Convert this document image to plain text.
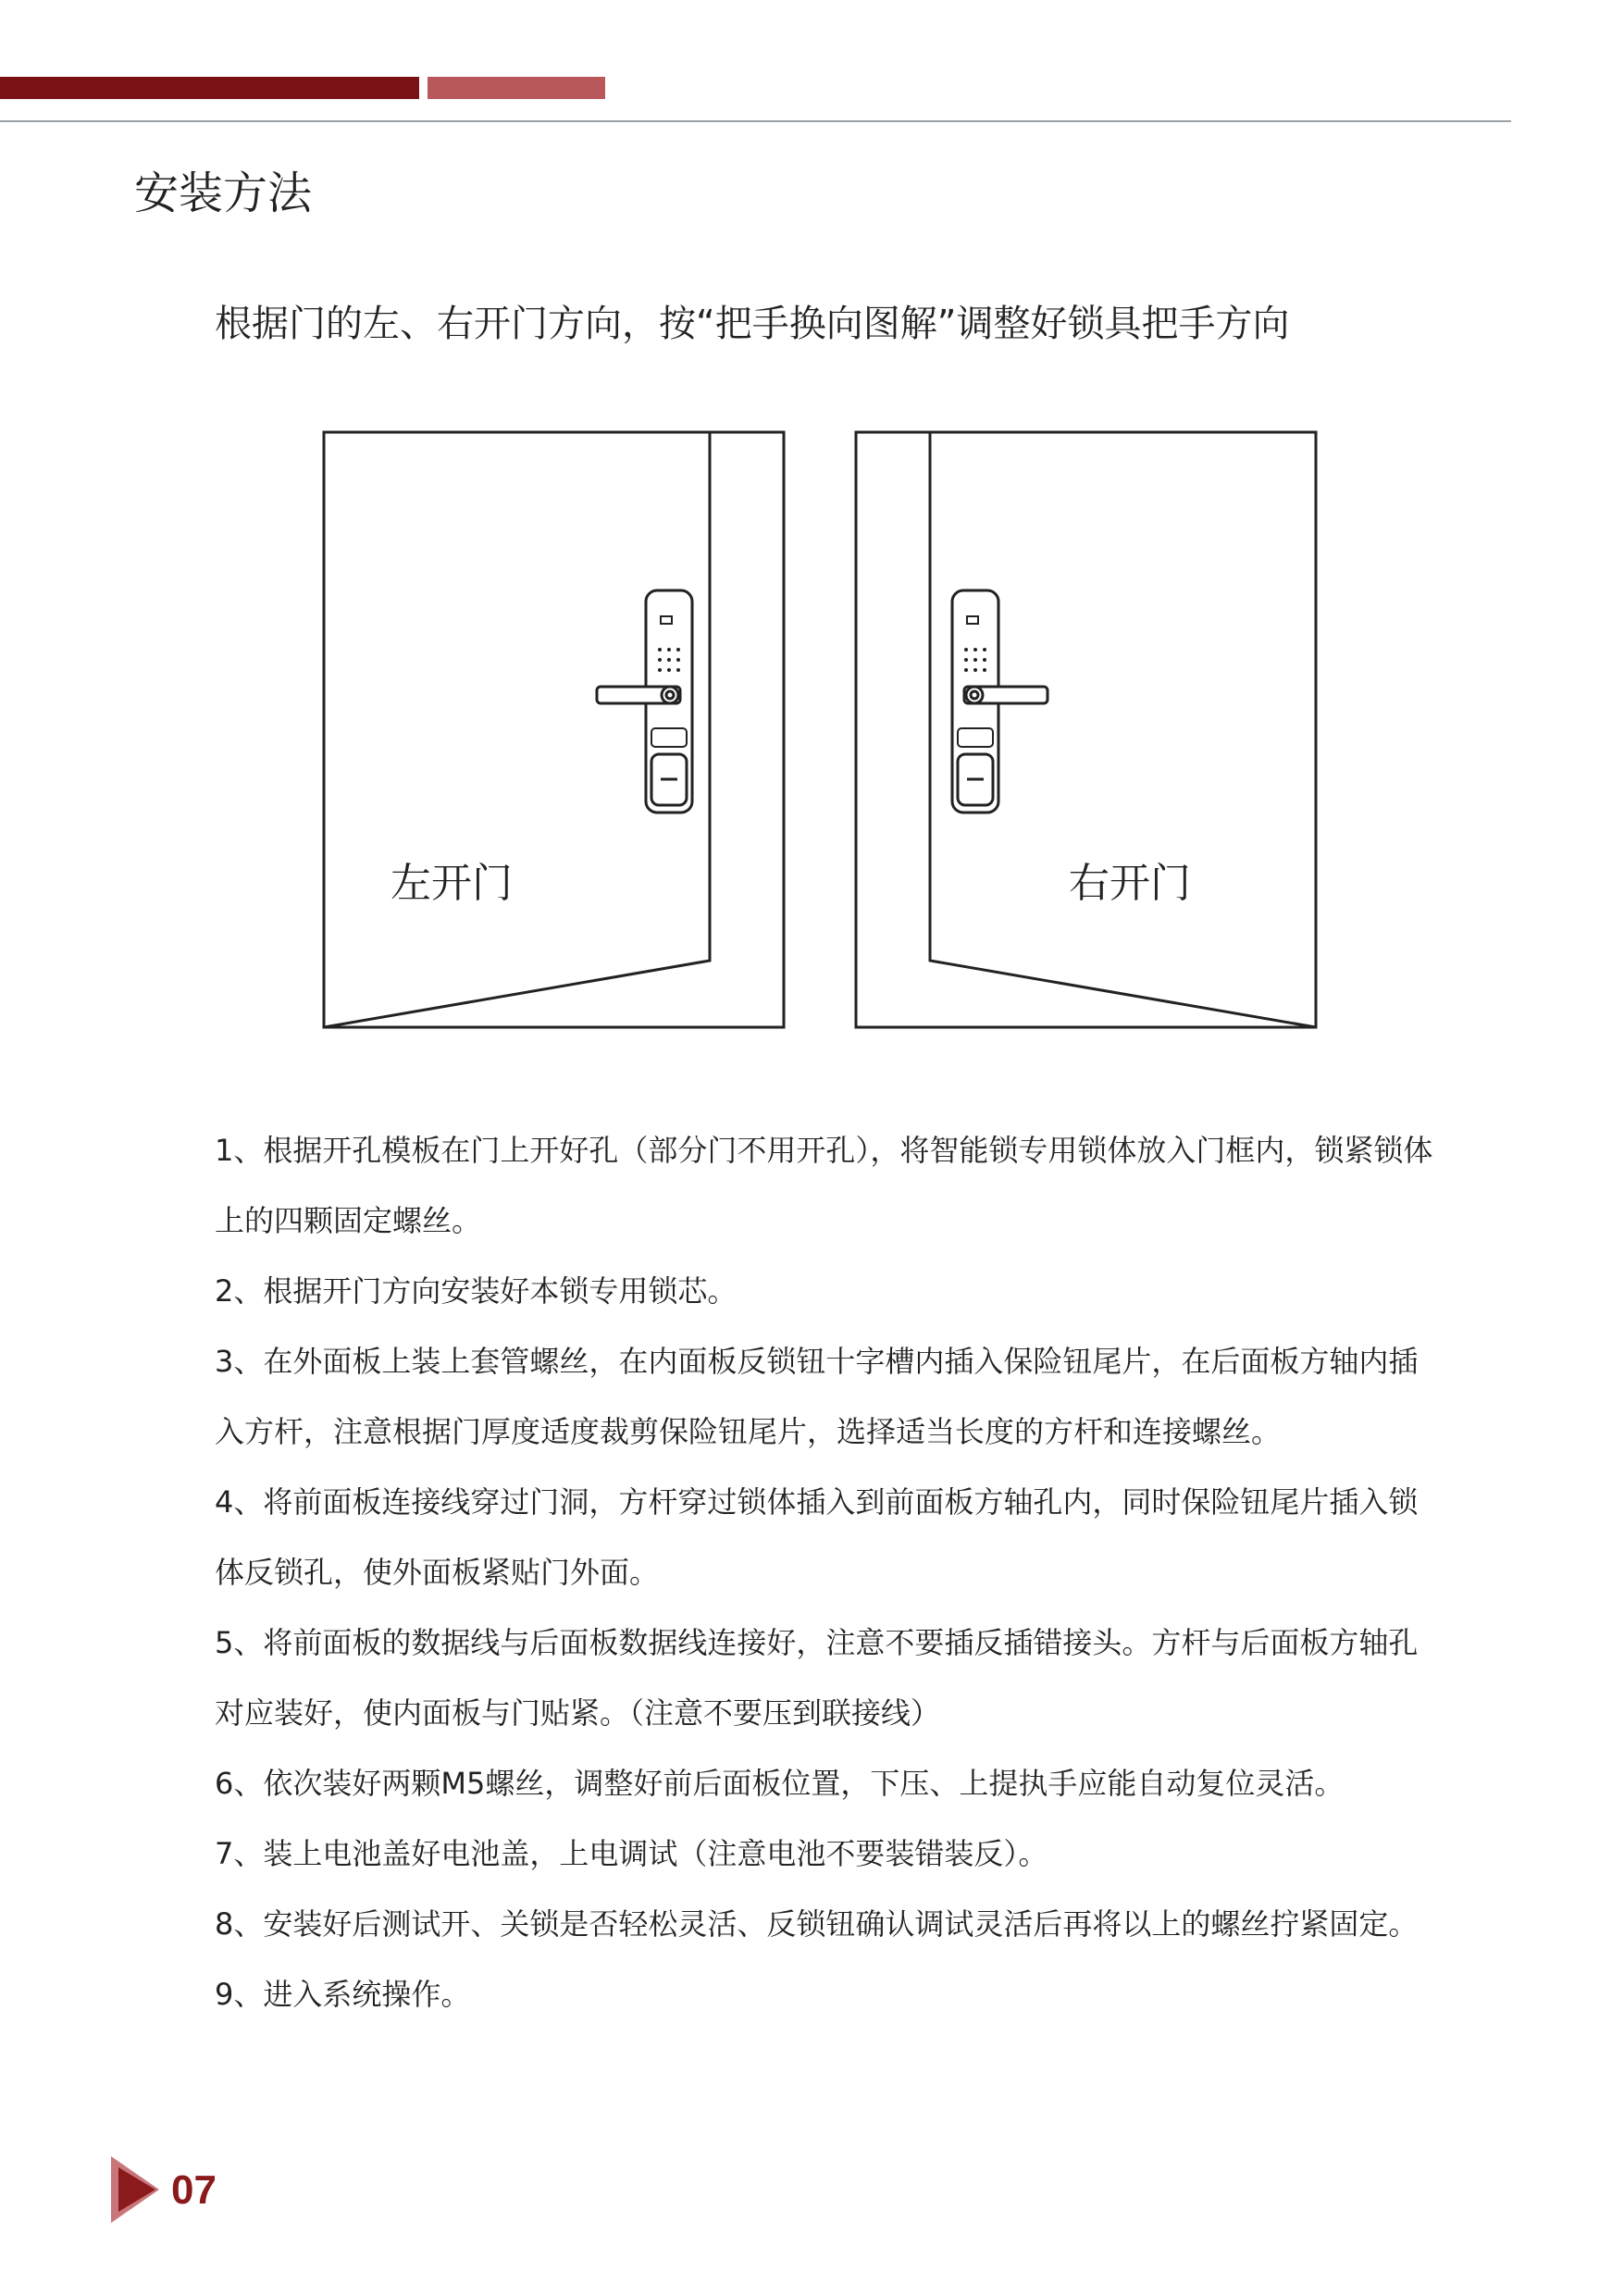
安装方法
根据门的左、右开门方向，按“把手换向图解”调整好锁具把手方向
左开门	右开门
1、根据开孔模板在门上开好孔（部分门不用开孔），将智能锁专用锁体放入门框内，锁紧锁体上的四颗固定螺丝。
2、根据开门方向安装好本锁专用锁芯。
3、在外面板上装上套管螺丝，在内面板反锁钮十字槽内插入保险钮尾片，在后面板方轴内插入方杆，注意根据门厚度适度裁剪保险钮尾片，选择适当长度的方杆和连接螺丝。
4、将前面板连接线穿过门洞，方杆穿过锁体插入到前面板方轴孔内，同时保险钮尾片插入锁体反锁孔，使外面板紧贴门外面。
5、将前面板的数据线与后面板数据线连接好，注意不要插反插错接头。方杆与后面板方轴孔对应装好，使内面板与门贴紧。（注意不要压到联接线）
6、依次装好两颗M5螺丝，调整好前后面板位置，下压、上提执手应能自动复位灵活。
7、装上电池盖好电池盖，上电调试（注意电池不要装错装反）。
8、安装好后测试开、关锁是否轻松灵活、反锁钮确认调试灵活后再将以上的螺丝拧紧固定。
9、进入系统操作。
07
